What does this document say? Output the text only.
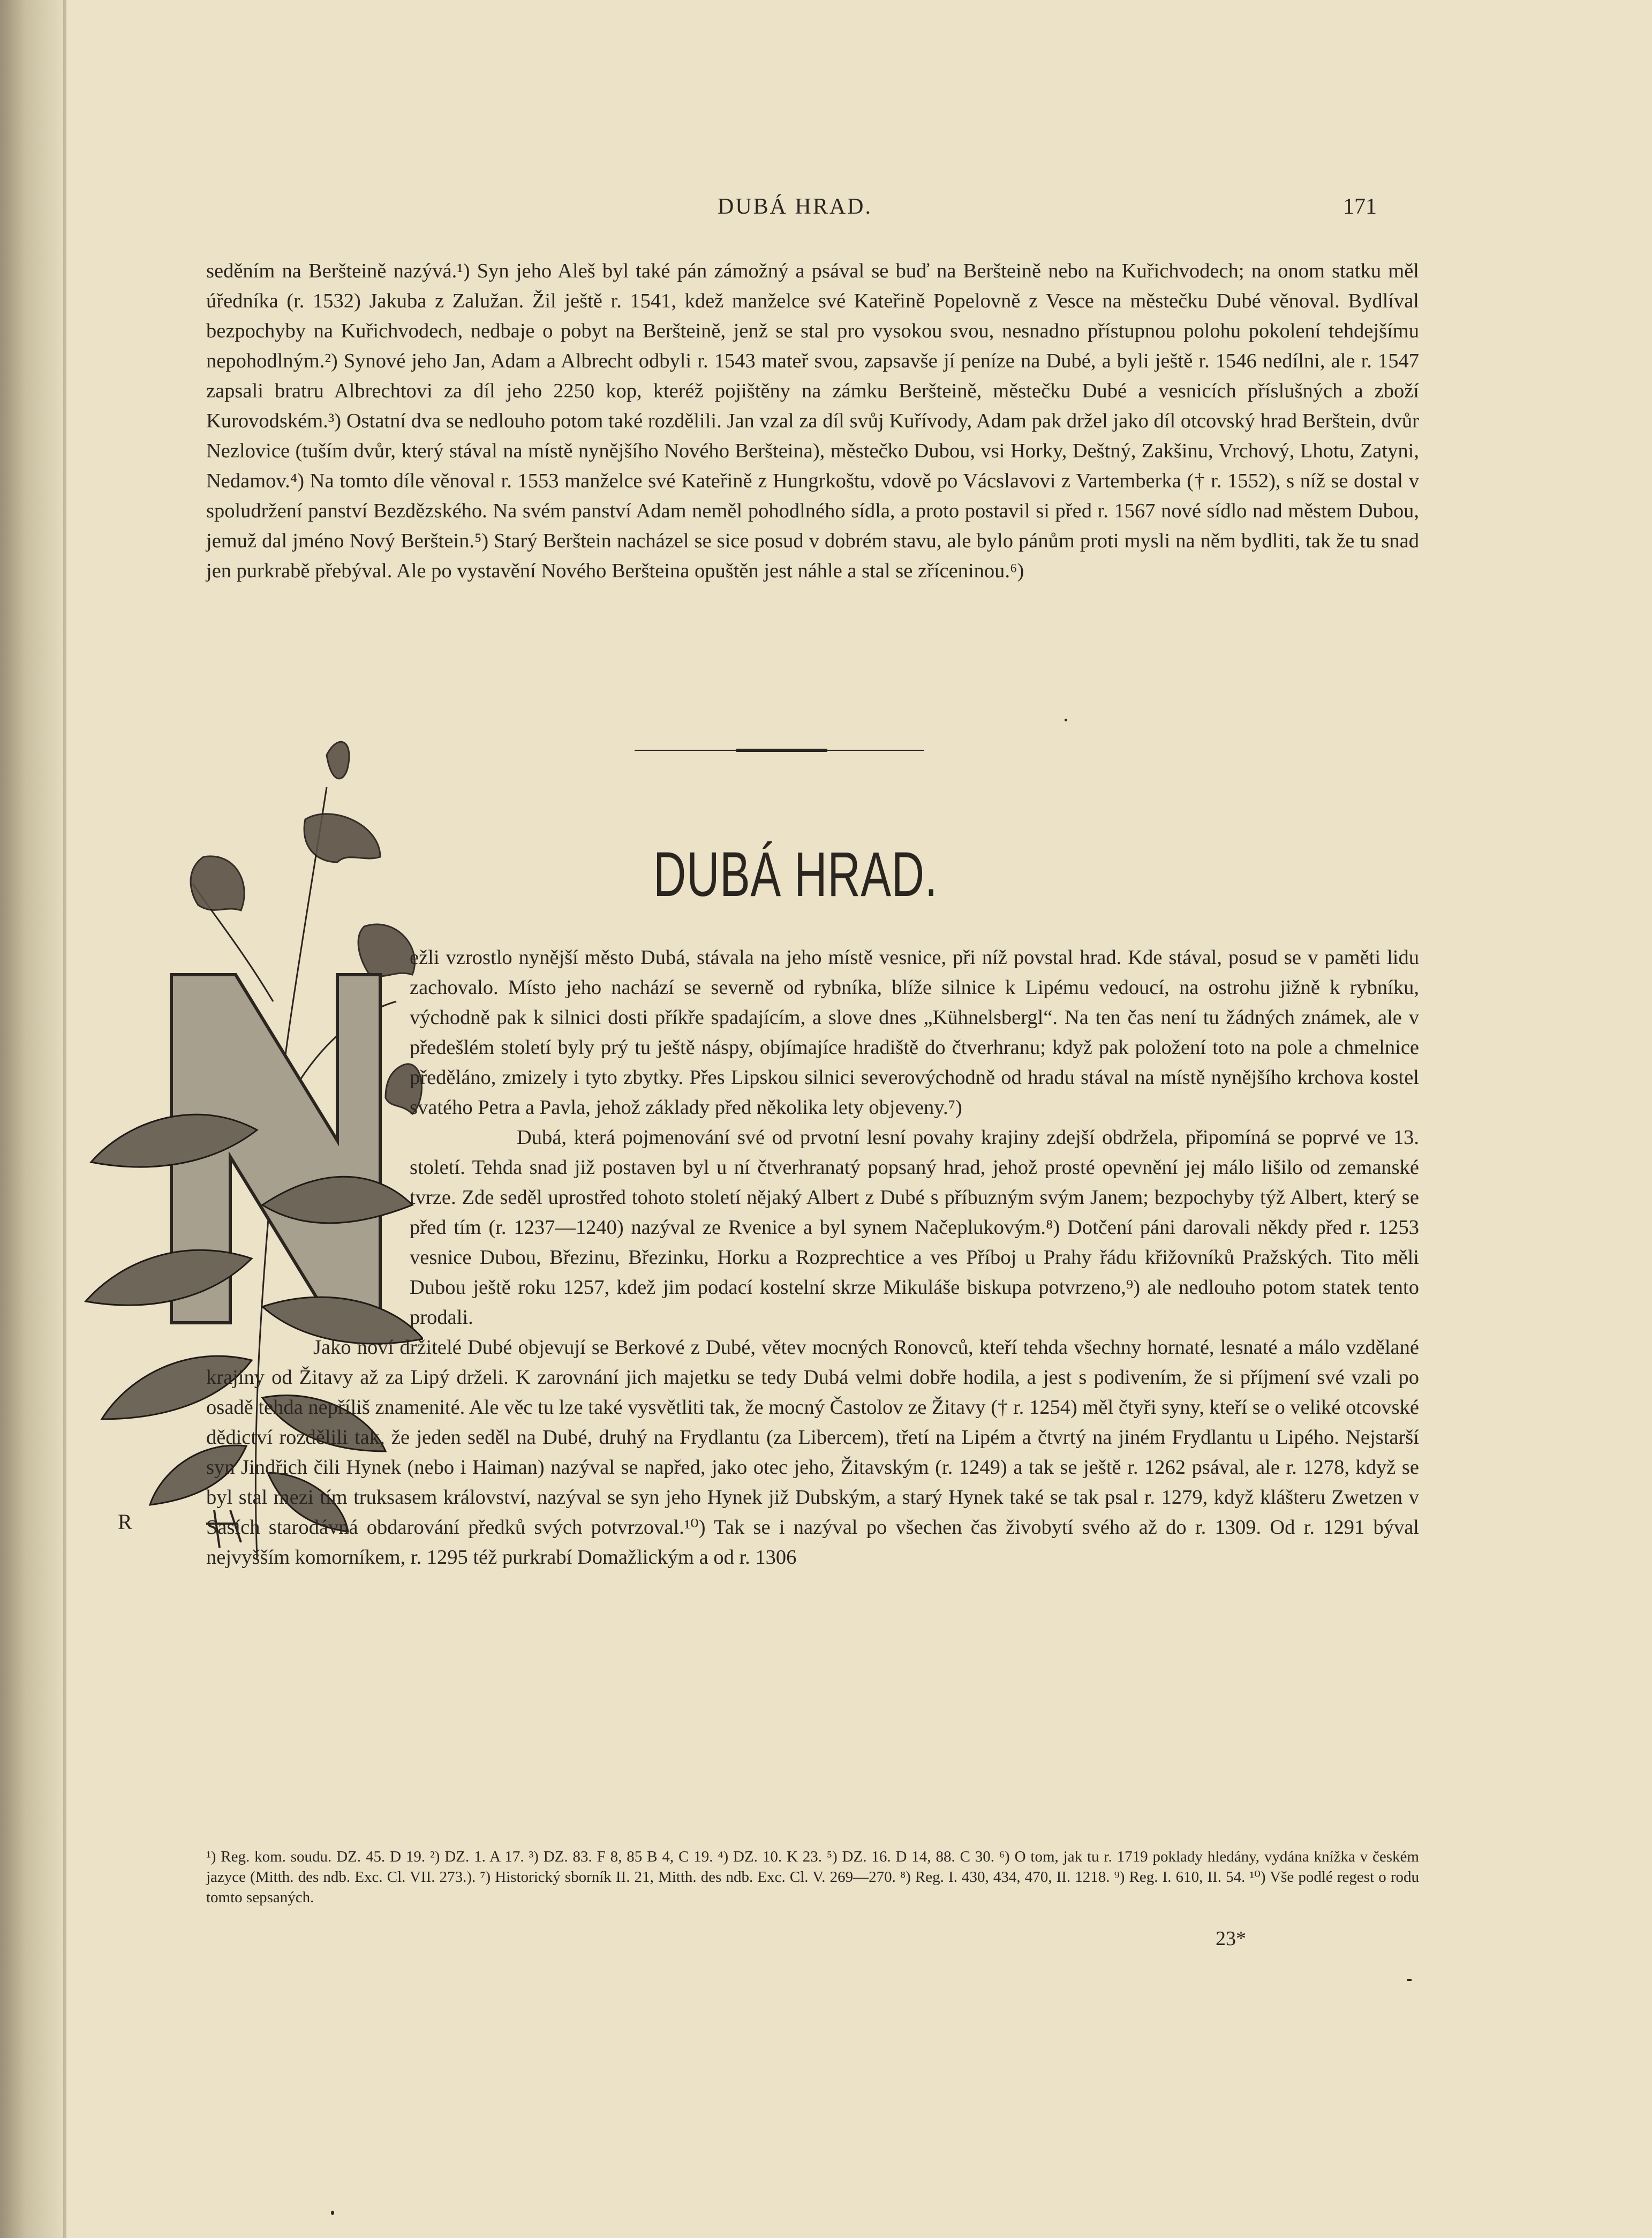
DUBÁ HRAD.	171

seděním na Beršteině nazývá.¹) Syn jeho Aleš byl také pán zámožný a psával se buď na Beršteině nebo na Kuřichvodech; na onom statku měl úředníka (r. 1532) Jakuba z Zalužan. Žil ještě r. 1541, kdež manželce své Kateřině Popelovně z Vesce na městečku Dubé věnoval. Bydlíval bezpochyby na Kuřichvodech, nedbaje o pobyt na Beršteině, jenž se stal pro vysokou svou, nesnadno přístupnou polohu pokolení tehdejšímu nepohodlným.²) Synové jeho Jan, Adam a Albrecht odbyli r. 1543 mateř svou, zapsavše jí peníze na Dubé, a byli ještě r. 1546 nedílni, ale r. 1547 zapsali bratru Albrechtovi za díl jeho 2250 kop, kteréž pojištěny na zámku Beršteině, městečku Dubé a vesnicích příslušných a zboží Kurovodském.³) Ostatní dva se nedlouho potom také rozdělili. Jan vzal za díl svůj Kuřívody, Adam pak držel jako díl otcovský hrad Berštein, dvůr Nezlovice (tuším dvůr, který stával na místě nynějšího Nového Beršteina), městečko Dubou, vsi Horky, Deštný, Zakšinu, Vrchový, Lhotu, Zatyni, Nedamov.⁴) Na tomto díle věnoval r. 1553 manželce své Kateřině z Hungrkoštu, vdově po Vácslavovi z Vartemberka († r. 1552), s níž se dostal v spoludržení panství Bezdězského. Na svém panství Adam neměl pohodlného sídla, a proto postavil si před r. 1567 nové sídlo nad městem Dubou, jemuž dal jméno Nový Berštein.⁵) Starý Berštein nacházel se sice posud v dobrém stavu, ale bylo pánům proti mysli na něm bydliti, tak že tu snad jen purkrabě přebýval. Ale po vystavění Nového Beršteina opuštěn jest náhle a stal se zříceninou.⁶)

DUBÁ HRAD.
N
R

ežli vzrostlo nynější město Dubá, stávala na jeho místě vesnice, při níž povstal hrad. Kde stával, posud se v paměti lidu zachovalo. Místo jeho nachází se severně od rybníka, blíže silnice k Lipému vedoucí, na ostrohu jižně k rybníku, východně pak k silnici dosti příkře spadajícím, a slove dnes „Kühnelsbergl“. Na ten čas není tu žádných známek, ale v předešlém století byly prý tu ještě náspy, objímajíce hradiště do čtverhranu; když pak položení toto na pole a chmelnice předěláno, zmizely i tyto zbytky. Přes Lipskou silnici severovýchodně od hradu stával na místě nynějšího krchova kostel svatého Petra a Pavla, jehož základy před několika lety objeveny.⁷)

Dubá, která pojmenování své od prvotní lesní povahy krajiny zdejší obdržela, připomíná se poprvé ve 13. století. Tehda snad již postaven byl u ní čtverhranatý popsaný hrad, jehož prosté opevnění jej málo lišilo od zemanské tvrze. Zde seděl uprostřed tohoto století nějaký Albert z Dubé s příbuzným svým Janem; bezpochyby týž Albert, který se před tím (r. 1237—1240) nazýval ze Rvenice a byl synem Načeplukovým.⁸) Dotčení páni darovali někdy před r. 1253 vesnice Dubou, Březinu, Březinku, Horku a Rozprechtice a ves Příboj u Prahy řádu křižovníků Pražských. Tito měli Dubou ještě roku 1257, kdež jim podací kostelní skrze Mikuláše biskupa potvrzeno,⁹) ale nedlouho potom statek tento prodali.

Jako noví držitelé Dubé objevují se Berkové z Dubé, větev mocných Ronovců, kteří tehda všechny hornaté, lesnaté a málo vzdělané krajiny od Žitavy až za Lipý drželi. K zarovnání jich majetku se tedy Dubá velmi dobře hodila, a jest s podivením, že si příjmení své vzali po osadě tehda nepříliš znamenité. Ale věc tu lze také vysvětliti tak, že mocný Častolov ze Žitavy († r. 1254) měl čtyři syny, kteří se o veliké otcovské dědictví rozdělili tak, že jeden seděl na Dubé, druhý na Frydlantu (za Libercem), třetí na Lipém a čtvrtý na jiném Frydlantu u Lipého. Nejstarší syn Jindřich čili Hynek (nebo i Haiman) nazýval se napřed, jako otec jeho, Žitavským (r. 1249) a tak se ještě r. 1262 psával, ale r. 1278, když se byl stal mezi tím truksasem království, nazýval se syn jeho Hynek již Dubským, a starý Hynek také se tak psal r. 1279, když klášteru Zwetzen v Sasích starodávná obdarování předků svých potvrzoval.¹⁰) Tak se i nazýval po všechen čas živobytí svého až do r. 1309. Od r. 1291 býval nejvyšším komorníkem, r. 1295 též purkrabí Domažlickým a od r. 1306

¹) Reg. kom. soudu. DZ. 45. D 19. ²) DZ. 1. A 17. ³) DZ. 83. F 8, 85 B 4, C 19. ⁴) DZ. 10. K 23. ⁵) DZ. 16. D 14, 88. C 30. ⁶) O tom, jak tu r. 1719 poklady hledány, vydána knížka v českém jazyce (Mitth. des ndb. Exc. Cl. VII. 273.). ⁷) Historický sborník II. 21, Mitth. des ndb. Exc. Cl. V. 269—270. ⁸) Reg. I. 430, 434, 470, II. 1218. ⁹) Reg. I. 610, II. 54. ¹⁰) Vše podlé regest o rodu tomto sepsaných.
23*
